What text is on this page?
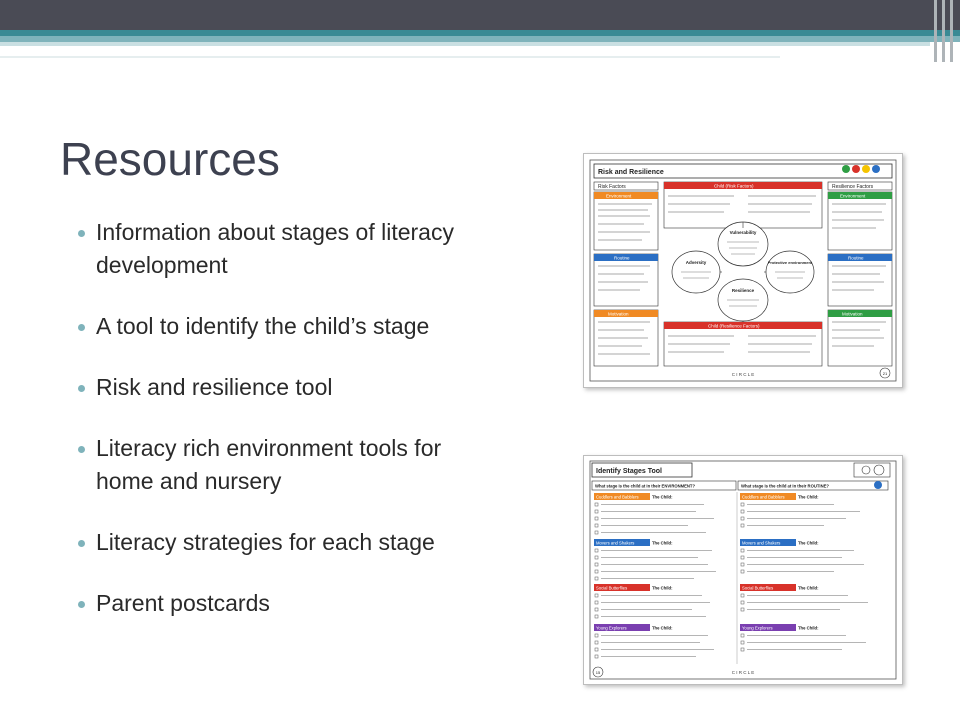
Resources
Information about stages of literacy
development
A tool to identify the child’s stage
Risk and resilience tool
Literacy rich environment tools for
home and nursery
Literacy strategies for each stage
Parent postcards
Risk and Resilience
Risk Factors
Environment
Routine
Motivation
Resilience Factors
Environment
Routine
Motivation
Child (Risk Factors)
Child (Resilience Factors)
Vulnerability
Adversity	Protective environment
Resilience
C I R C L E	21
Identify Stages Tool
What stage is the child at in their ENVIRONMENT?	What stage is the child at in their ROUTINE?
Cuddlers and Babblers	The Child:
Movers and Shakers	The Child:
Social Butterflies	The Child:
Young Explorers	The Child:
Cuddlers and Babblers	The Child:
Movers and Shakers	The Child:
Social Butterflies	The Child:
Young Explorers	The Child:
C I R C L E
15
